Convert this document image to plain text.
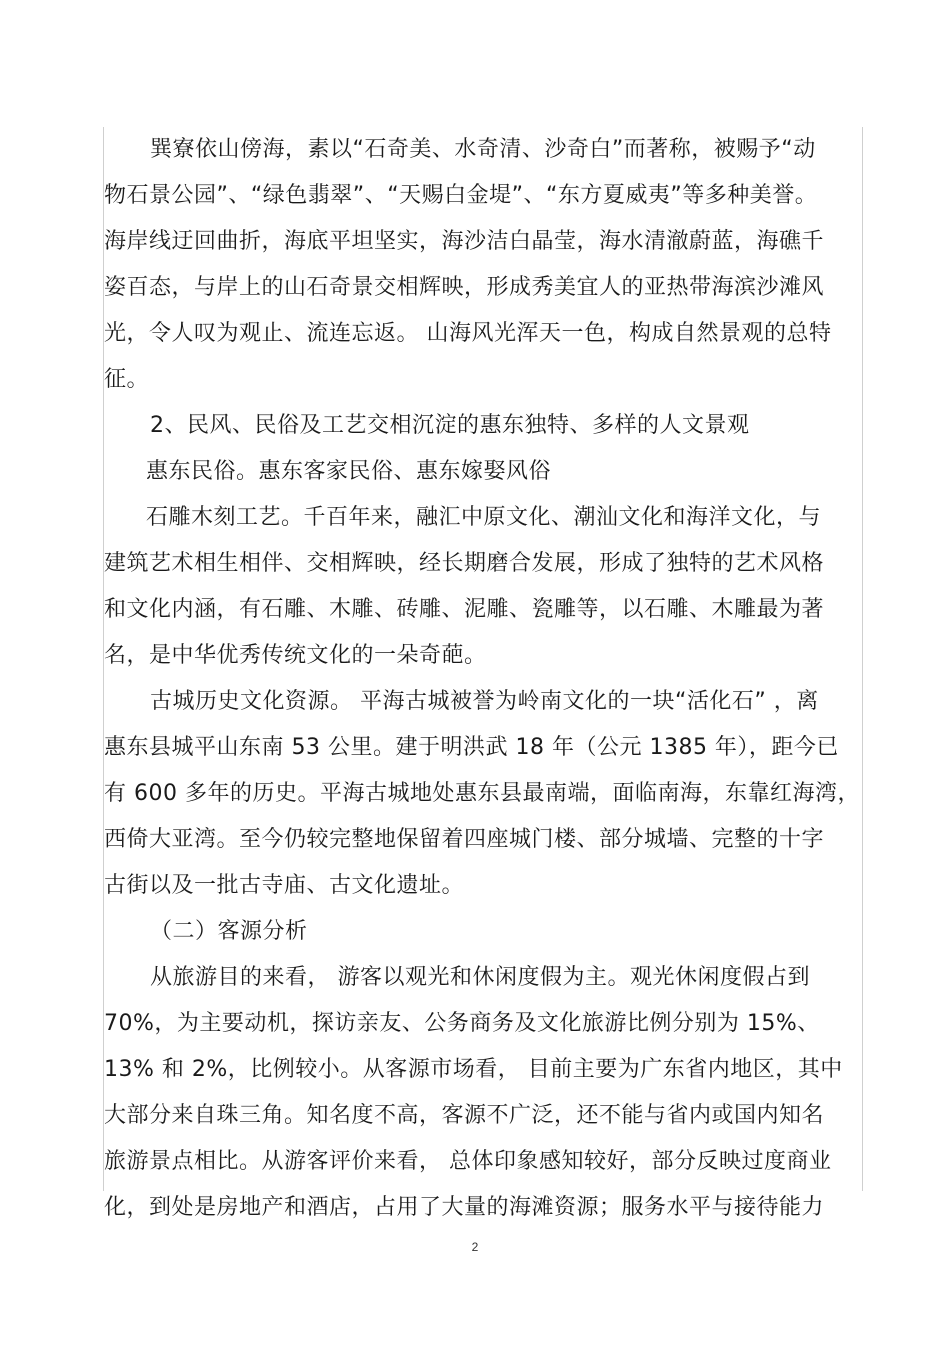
巽寮依山傍海，素以“石奇美、水奇清、沙奇白”而著称，被赐予“动
物石景公园”、“绿色翡翠”、“天赐白金堤”、“东方夏威夷”等多种美誉。
海岸线迂回曲折，海底平坦坚实，海沙洁白晶莹，海水清澈蔚蓝，海礁千
姿百态，与岸上的山石奇景交相辉映，形成秀美宜人的亚热带海滨沙滩风
光，令人叹为观止、流连忘返。 山海风光浑天一色，构成自然景观的总特
征。
2、民风、民俗及工艺交相沉淀的惠东独特、多样的人文景观
惠东民俗。惠东客家民俗、惠东嫁娶风俗
石雕木刻工艺。千百年来，融汇中原文化、潮汕文化和海洋文化，与
建筑艺术相生相伴、交相辉映，经长期磨合发展，形成了独特的艺术风格
和文化内涵，有石雕、木雕、砖雕、泥雕、瓷雕等，以石雕、木雕最为著
名，是中华优秀传统文化的一朵奇葩。
古城历史文化资源。 平海古城被誉为岭南文化的一块“活化石” ，离
惠东县城平山东南 53 公里。建于明洪武 18 年（公元 1385 年），距今已
有 600 多年的历史。平海古城地处惠东县最南端，面临南海，东靠红海湾，
西倚大亚湾。至今仍较完整地保留着四座城门楼、部分城墙、完整的十字
古街以及一批古寺庙、古文化遗址。
（二）客源分析
从旅游目的来看， 游客以观光和休闲度假为主。观光休闲度假占到
70%，为主要动机，探访亲友、公务商务及文化旅游比例分别为 15%、
13% 和 2%，比例较小。从客源市场看， 目前主要为广东省内地区，其中
大部分来自珠三角。知名度不高，客源不广泛，还不能与省内或国内知名
旅游景点相比。从游客评价来看， 总体印象感知较好，部分反映过度商业
化，到处是房地产和酒店，占用了大量的海滩资源；服务水平与接待能力
2
